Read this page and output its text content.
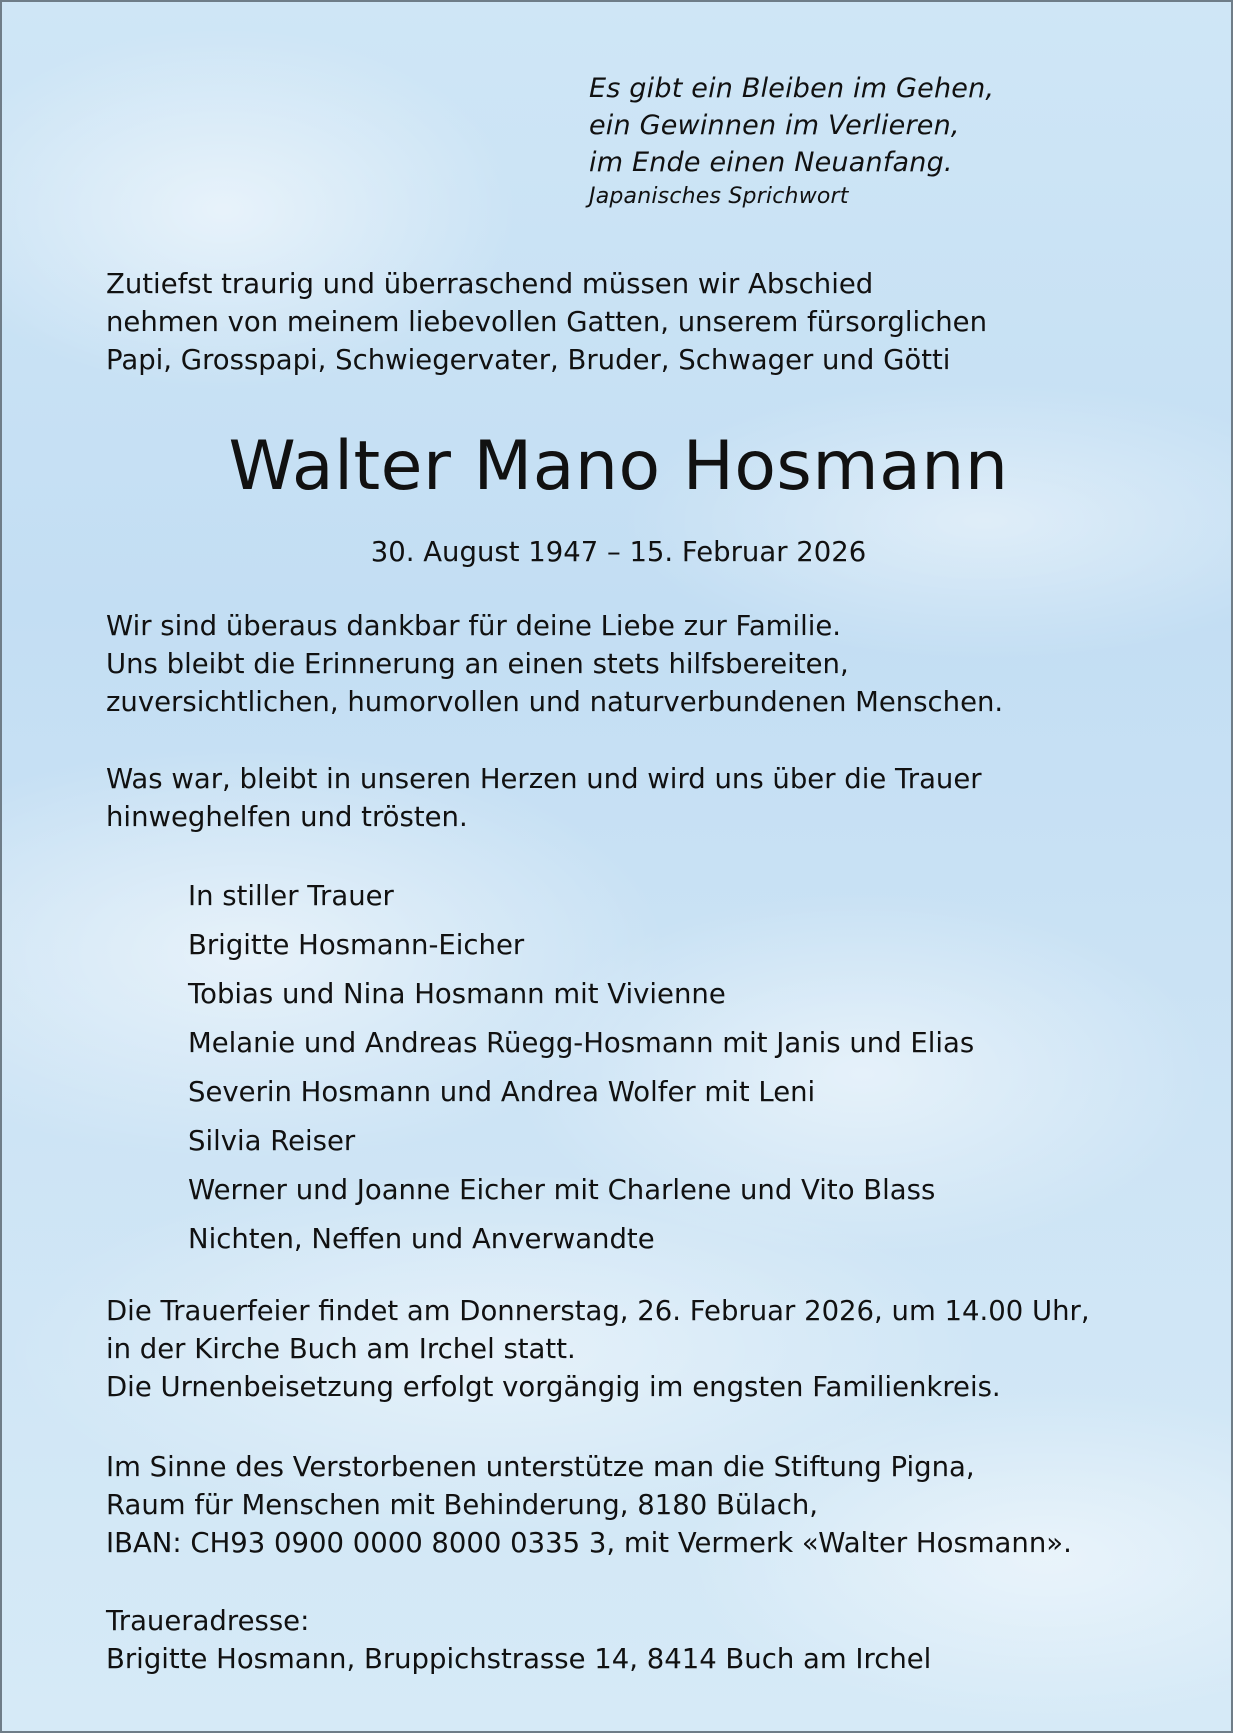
Es gibt ein Bleiben im Gehen,
ein Gewinnen im Verlieren,
im Ende einen Neuanfang.
Japanisches Sprichwort
Zutiefst traurig und überraschend müssen wir Abschied
nehmen von meinem liebevollen Gatten, unserem fürsorglichen
Papi, Grosspapi, Schwiegervater, Bruder, Schwager und Götti
Walter Mano Hosmann
30. August 1947 – 15. Februar 2026
Wir sind überaus dankbar für deine Liebe zur Familie.
Uns bleibt die Erinnerung an einen stets hilfsbereiten,
zuversichtlichen, humorvollen und naturverbundenen Menschen.
Was war, bleibt in unseren Herzen und wird uns über die Trauer
hinweghelfen und trösten.
In stiller Trauer
Brigitte Hosmann-Eicher
Tobias und Nina Hosmann mit Vivienne
Melanie und Andreas Rüegg-Hosmann mit Janis und Elias
Severin Hosmann und Andrea Wolfer mit Leni
Silvia Reiser
Werner und Joanne Eicher mit Charlene und Vito Blass
Nichten, Neffen und Anverwandte
Die Trauerfeier findet am Donnerstag, 26. Februar 2026, um 14.00 Uhr,
in der Kirche Buch am Irchel statt.
Die Urnenbeisetzung erfolgt vorgängig im engsten Familienkreis.
Im Sinne des Verstorbenen unterstütze man die Stiftung Pigna,
Raum für Menschen mit Behinderung, 8180 Bülach,
IBAN: CH93 0900 0000 8000 0335 3, mit Vermerk «Walter Hosmann».
Traueradresse:
Brigitte Hosmann, Bruppichstrasse 14, 8414 Buch am Irchel
